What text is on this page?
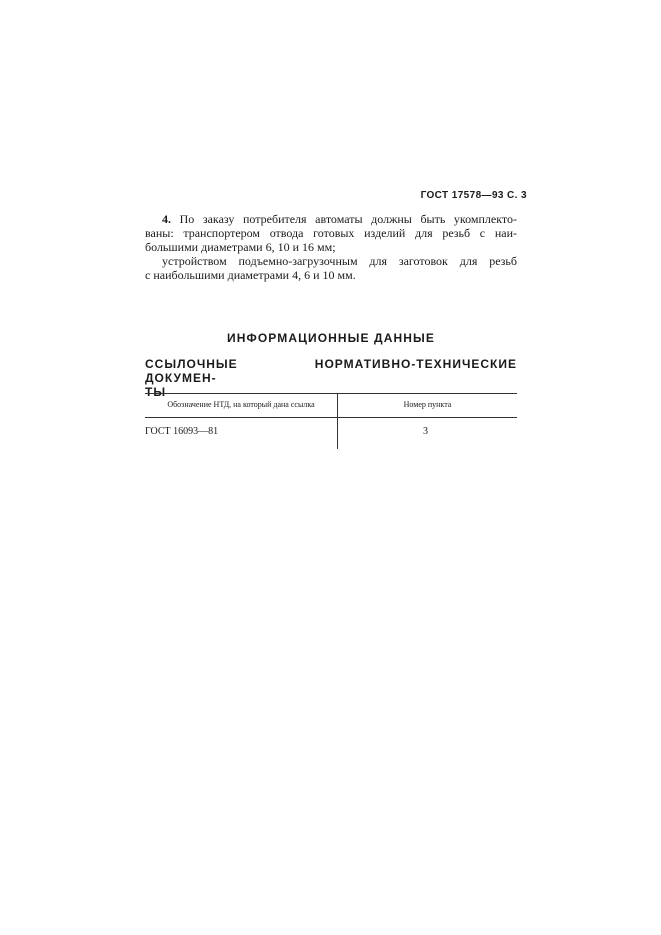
ГОСТ 17578—93 С. 3
4. По заказу потребителя автоматы должны быть укомплекто-
ваны: транспортером отвода готовых изделий для резьб с наи-
большими диаметрами 6, 10 и 16 мм;
устройством подъемно-загрузочным для заготовок для резьб
с наибольшими диаметрами 4, 6 и 10 мм.
ИНФОРМАЦИОННЫЕ ДАННЫЕ
ССЫЛОЧНЫЕ НОРМАТИВНО-ТЕХНИЧЕСКИЕ ДОКУМЕН-
ТЫ
Обозначение НТД, на который дана ссылка	Номер пункта
ГОСТ 16093—81	3
